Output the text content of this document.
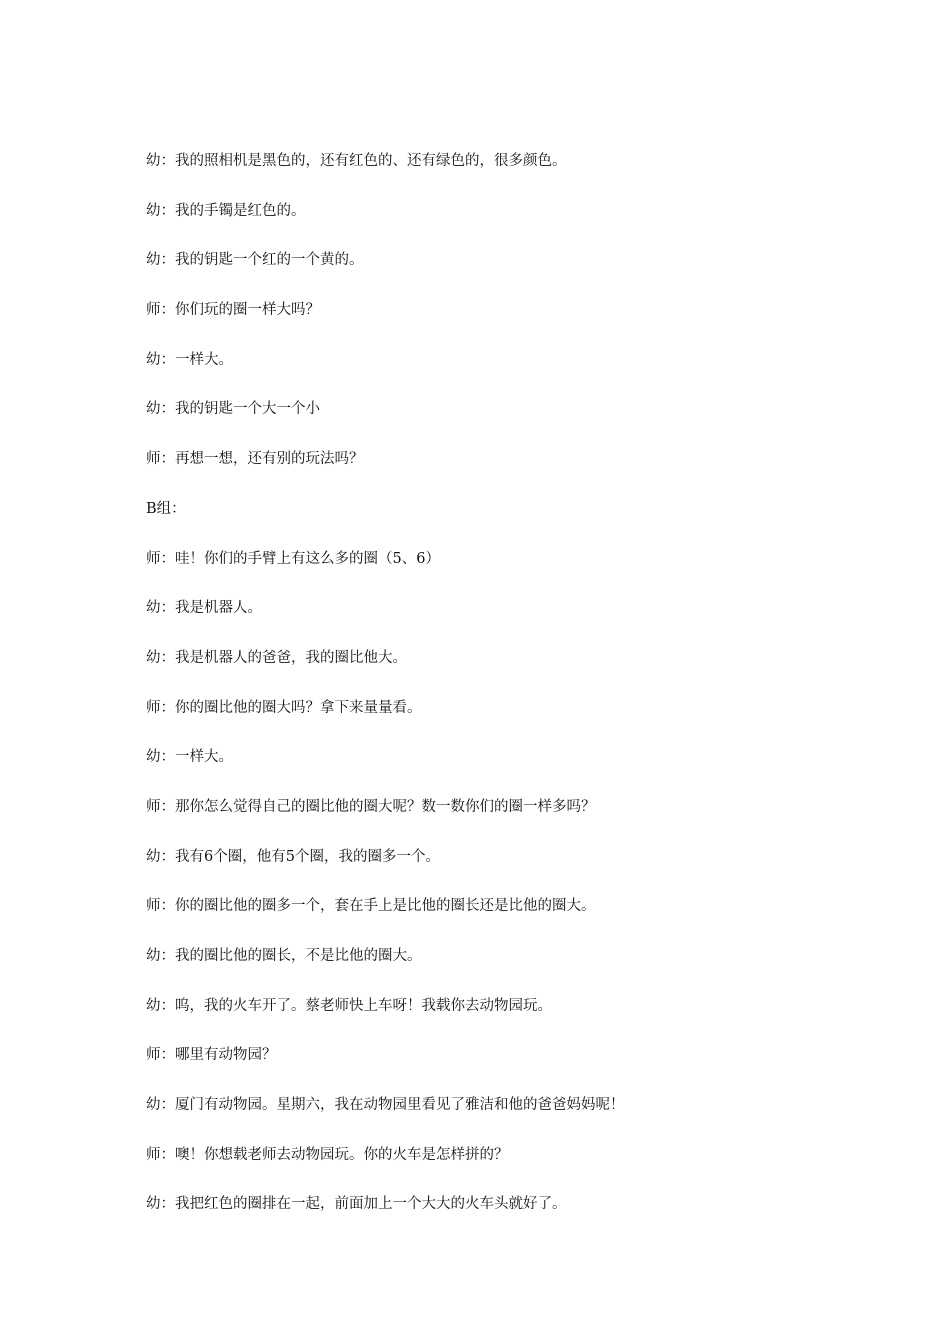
幼：我的照相机是黑色的，还有红色的、还有绿色的，很多颜色。

幼：我的手镯是红色的。

幼：我的钥匙一个红的一个黄的。

师：你们玩的圈一样大吗？

幼：一样大。

幼：我的钥匙一个大一个小

师：再想一想，还有别的玩法吗？

B组：

师：哇！你们的手臂上有这么多的圈（5、6）

幼：我是机器人。

幼：我是机器人的爸爸，我的圈比他大。

师：你的圈比他的圈大吗？拿下来量量看。

幼：一样大。

师：那你怎么觉得自己的圈比他的圈大呢？数一数你们的圈一样多吗？

幼：我有6个圈，他有5个圈，我的圈多一个。

师：你的圈比他的圈多一个，套在手上是比他的圈长还是比他的圈大。

幼：我的圈比他的圈长，不是比他的圈大。

幼：呜，我的火车开了。蔡老师快上车呀！我载你去动物园玩。

师：哪里有动物园？

幼：厦门有动物园。星期六，我在动物园里看见了雅洁和他的爸爸妈妈呢！

师：噢！你想载老师去动物园玩。你的火车是怎样拼的？

幼：我把红色的圈排在一起，前面加上一个大大的火车头就好了。
